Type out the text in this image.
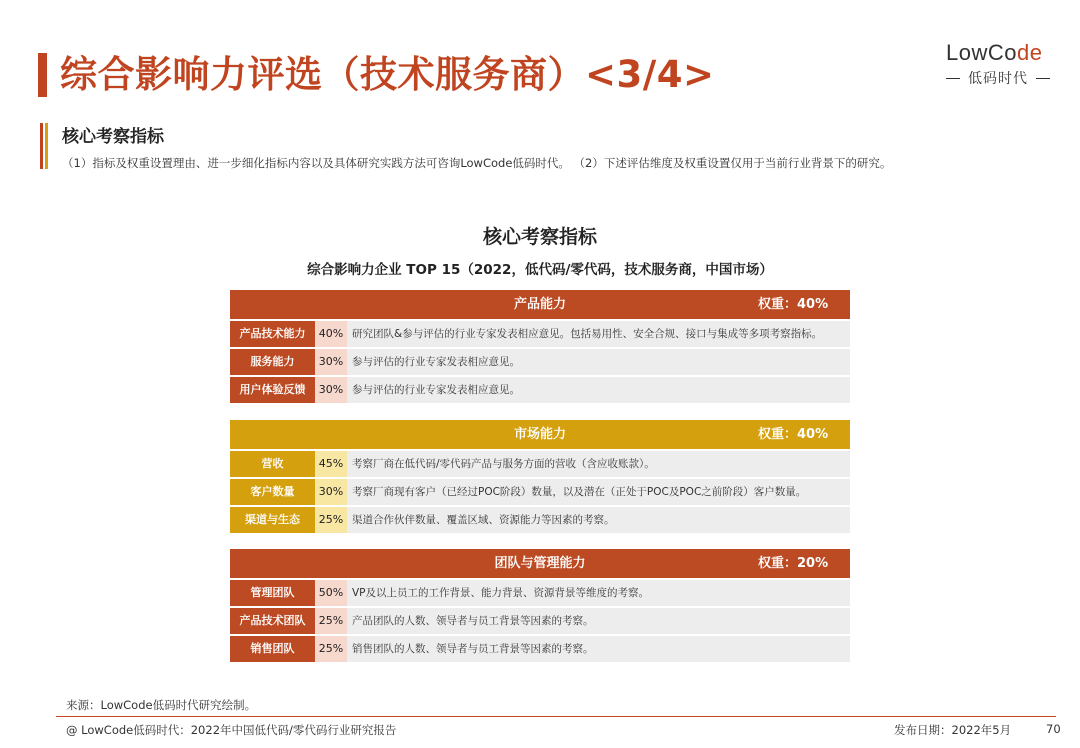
综合影响力评选（技术服务商）<3/4>
LowCode
低码时代
核心考察指标
（1）指标及权重设置理由、进一步细化指标内容以及具体研究实践方法可咨询LowCode低码时代。 （2）下述评估维度及权重设置仅用于当前行业背景下的研究。
核心考察指标
综合影响力企业 TOP 15（2022，低代码/零代码，技术服务商，中国市场）
产品能力	权重：40%
产品技术能力	40% 研究团队&参与评估的行业专家发表相应意见。包括易用性、安全合规、接口与集成等多项考察指标。
服务能力	30% 参与评估的行业专家发表相应意见。
用户体验反馈	30% 参与评估的行业专家发表相应意见。
市场能力	权重：40%
营收	45% 考察厂商在低代码/零代码产品与服务方面的营收（含应收账款）。
客户数量	30% 考察厂商现有客户（已经过POC阶段）数量，以及潜在（正处于POC及POC之前阶段）客户数量。
渠道与生态	25% 渠道合作伙伴数量、覆盖区域、资源能力等因素的考察。
团队与管理能力	权重：20%
管理团队	50% VP及以上员工的工作背景、能力背景、资源背景等维度的考察。
产品技术团队	25% 产品团队的人数、领导者与员工背景等因素的考察。
销售团队	25% 销售团队的人数、领导者与员工背景等因素的考察。
来源：LowCode低码时代研究绘制。
@ LowCode低码时代：2022年中国低代码/零代码行业研究报告	发布日期：2022年5月	70
